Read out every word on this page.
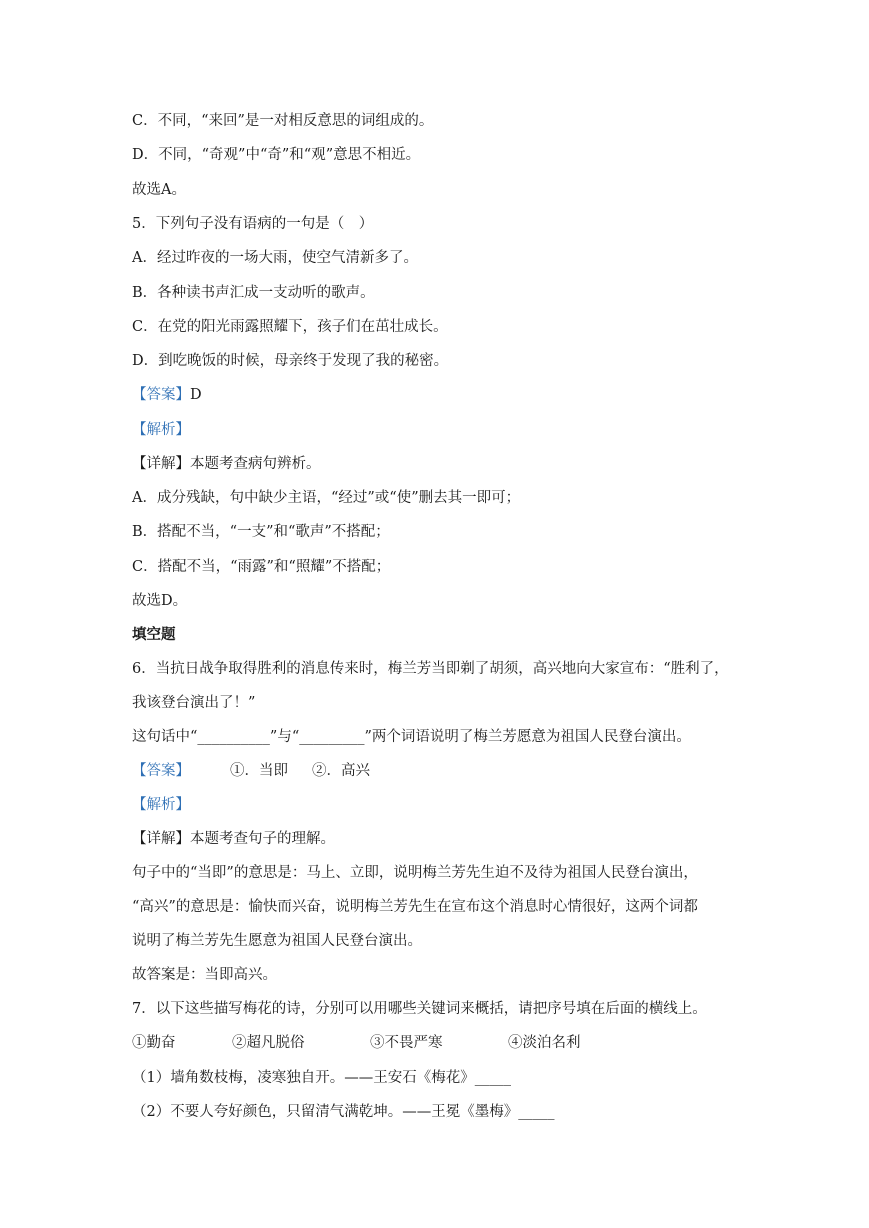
C．不同，“来回”是一对相反意思的词组成的。
D．不同，“奇观”中“奇”和“观”意思不相近。
故选A。
5．下列句子没有语病的一句是（　）
A．经过昨夜的一场大雨，使空气清新多了。
B．各种读书声汇成一支动听的歌声。
C．在党的阳光雨露照耀下，孩子们在茁壮成长。
D．到吃晚饭的时候，母亲终于发现了我的秘密。
【答案】D
【解析】
【详解】本题考查病句辨析。
A．成分残缺，句中缺少主语，“经过”或“使”删去其一即可；
B．搭配不当，“一支”和“歌声”不搭配；
C．搭配不当，“雨露”和“照耀”不搭配；
故选D。
填空题
6．当抗日战争取得胜利的消息传来时，梅兰芳当即剃了胡须，高兴地向大家宣布：“胜利了，
我该登台演出了！”
这句话中“__________”与“_________”两个词语说明了梅兰芳愿意为祖国人民登台演出。
【答案】	①．当即 ②．高兴
【解析】
【详解】本题考查句子的理解。
句子中的“当即”的意思是：马上、立即，说明梅兰芳先生迫不及待为祖国人民登台演出，
“高兴”的意思是：愉快而兴奋，说明梅兰芳先生在宣布这个消息时心情很好，这两个词都
说明了梅兰芳先生愿意为祖国人民登台演出。
故答案是：当即高兴。
7．以下这些描写梅花的诗，分别可以用哪些关键词来概括，请把序号填在后面的横线上。
①勤奋	②超凡脱俗	③不畏严寒	④淡泊名利
（1）墙角数枝梅，凌寒独自开。——王安石《梅花》_____
（2）不要人夸好颜色，只留清气满乾坤。——王冕《墨梅》_____
